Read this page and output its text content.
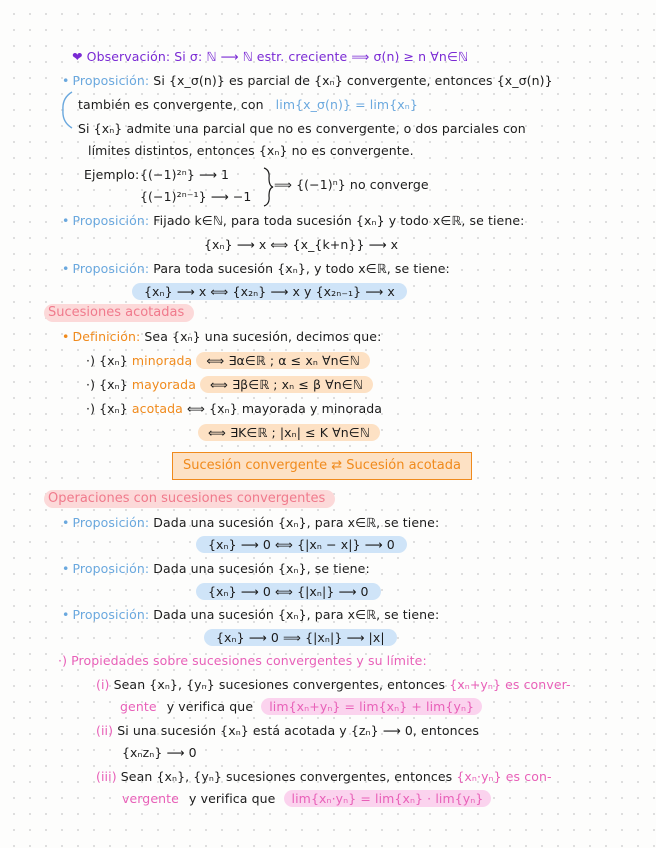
❤ Observación: Si σ: ℕ ⟶ ℕ estr. creciente ⟹ σ(n) ≥ n ∀n∈ℕ
• Proposición: Si {x_σ(n)} es parcial de {xₙ} convergente, entonces {x_σ(n)}
también es convergente, con lim{x_σ(n)} = lim{xₙ}
Si {xₙ} admite una parcial que no es convergente, o dos parciales con
límites distintos, entonces {xₙ} no es convergente.
Ejemplo: {(−1)²ⁿ} ⟶ 1
{(−1)²ⁿ⁻¹} ⟶ −1
⟹ {(−1)ⁿ} no converge
• Proposición: Fijado k∈ℕ, para toda sucesión {xₙ} y todo x∈ℝ, se tiene:
{xₙ} ⟶ x ⟺ {x_{k+n}} ⟶ x
• Proposición: Para toda sucesión {xₙ}, y todo x∈ℝ, se tiene:
{xₙ} ⟶ x ⟺ {x₂ₙ} ⟶ x y {x₂ₙ₋₁} ⟶ x
Sucesiones acotadas
• Definición: Sea {xₙ} una sucesión, decimos que:
·) {xₙ} minorada ⟺ ∃α∈ℝ ; α ≤ xₙ ∀n∈ℕ
·) {xₙ} mayorada ⟺ ∃β∈ℝ ; xₙ ≤ β ∀n∈ℕ
·) {xₙ} acotada ⟺ {xₙ} mayorada y minorada
⟺ ∃K∈ℝ ; |xₙ| ≤ K ∀n∈ℕ
Sucesión convergente ⇄ Sucesión acotada
Operaciones con sucesiones convergentes
• Proposición: Dada una sucesión {xₙ}, para x∈ℝ, se tiene:
{xₙ} ⟶ 0 ⟺ {|xₙ − x|} ⟶ 0
• Proposición: Dada una sucesión {xₙ}, se tiene:
{xₙ} ⟶ 0 ⟺ {|xₙ|} ⟶ 0
• Proposición: Dada una sucesión {xₙ}, para x∈ℝ, se tiene:
{xₙ} ⟶ 0 ⟹ {|xₙ|} ⟶ |x|
·) Propiedades sobre sucesiones convergentes y su límite:
(i) Sean {xₙ}, {yₙ} sucesiones convergentes, entonces {xₙ+yₙ} es conver-
gente y verifica que lim{xₙ+yₙ} = lim{xₙ} + lim{yₙ}
(ii) Si una sucesión {xₙ} está acotada y {zₙ} ⟶ 0, entonces
{xₙzₙ} ⟶ 0
(iii) Sean {xₙ}, {yₙ} sucesiones convergentes, entonces {xₙ·yₙ} es con-
vergente y verifica que lim{xₙ·yₙ} = lim{xₙ} · lim{yₙ}
